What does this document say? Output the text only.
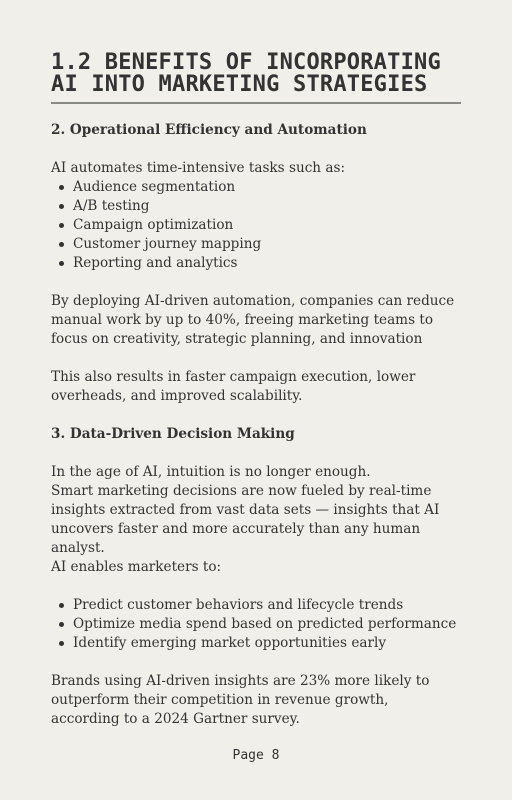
1.2 BENEFITS OF INCORPORATING
AI INTO MARKETING STRATEGIES

2. Operational Efficiency and Automation

AI automates time-intensive tasks such as:

Audience segmentation
A/B testing
Campaign optimization
Customer journey mapping
Reporting and analytics

By deploying AI-driven automation, companies can reduce manual work by up to 40%, freeing marketing teams to focus on creativity, strategic planning, and innovation

This also results in faster campaign execution, lower overheads, and improved scalability.

3. Data-Driven Decision Making

In the age of AI, intuition is no longer enough.

Smart marketing decisions are now fueled by real-time insights extracted from vast data sets — insights that AI uncovers faster and more accurately than any human analyst.

AI enables marketers to:

Predict customer behaviors and lifecycle trends
Optimize media spend based on predicted performance
Identify emerging market opportunities early

Brands using AI-driven insights are 23% more likely to outperform their competition in revenue growth, according to a 2024 Gartner survey.

Page 8
